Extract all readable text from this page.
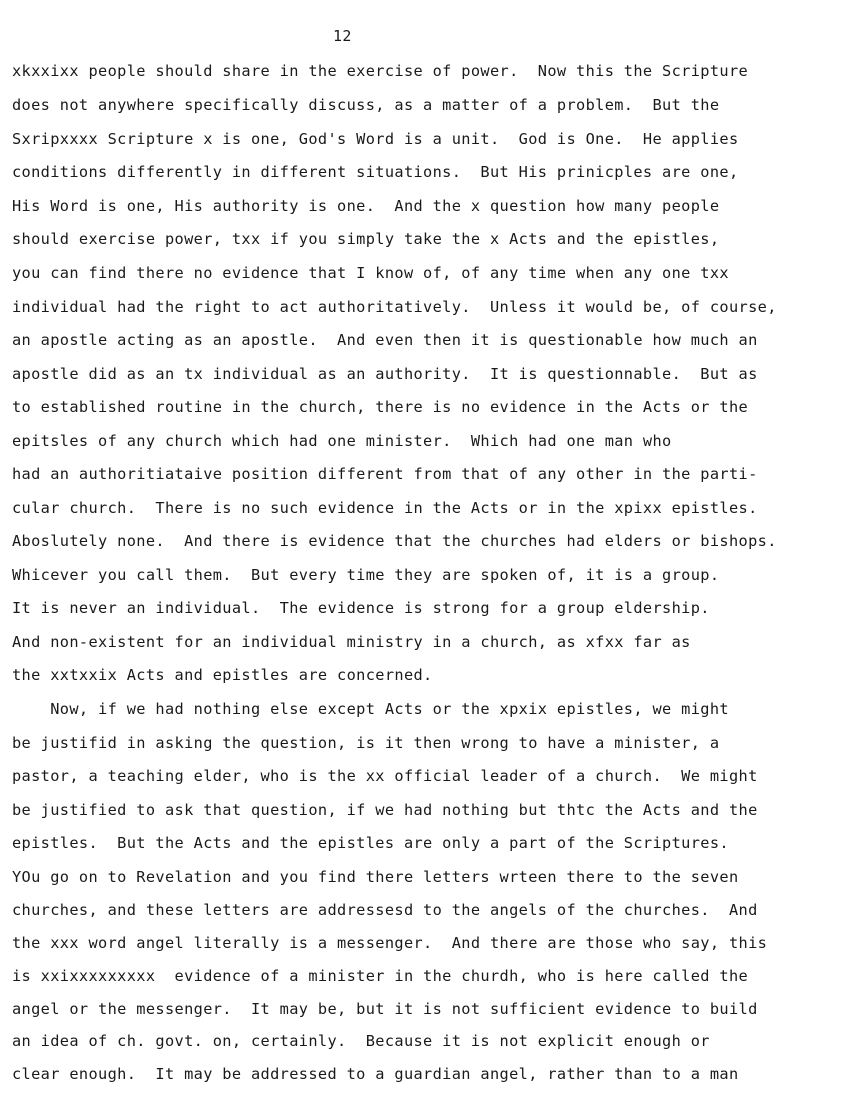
12
xkxxixx people should share in the exercise of power.  Now this the Scripture
does not anywhere specifically discuss, as a matter of a problem.  But the
Sxripxxxx Scripture x is one, God's Word is a unit.  God is One.  He applies
conditions differently in different situations.  But His prinicples are one,
His Word is one, His authority is one.  And the x question how many people
should exercise power, txx if you simply take the x Acts and the epistles,
you can find there no evidence that I know of, of any time when any one txx
individual had the right to act authoritatively.  Unless it would be, of course,
an apostle acting as an apostle.  And even then it is questionable how much an
apostle did as an tx individual as an authority.  It is questionnable.  But as
to established routine in the church, there is no evidence in the Acts or the
epitsles of any church which had one minister.  Which had one man who
had an authoritiataive position different from that of any other in the parti-
cular church.  There is no such evidence in the Acts or in the xpixx epistles.
Aboslutely none.  And there is evidence that the churches had elders or bishops.
Whicever you call them.  But every time they are spoken of, it is a group.
It is never an individual.  The evidence is strong for a group eldership.
And non-existent for an individual ministry in a church, as xfxx far as
the xxtxxix Acts and epistles are concerned.
Now, if we had nothing else except Acts or the xpxix epistles, we might
be justifid in asking the question, is it then wrong to have a minister, a
pastor, a teaching elder, who is the xx official leader of a church.  We might
be justified to ask that question, if we had nothing but thtc the Acts and the
epistles.  But the Acts and the epistles are only a part of the Scriptures.
YOu go on to Revelation and you find there letters wrteen there to the seven
churches, and these letters are addressesd to the angels of the churches.  And
the xxx word angel literally is a messenger.  And there are those who say, this
is xxixxxxxxxxx  evidence of a minister in the churdh, who is here called the
angel or the messenger.  It may be, but it is not sufficient evidence to build
an idea of ch. govt. on, certainly.  Because it is not explicit enough or
clear enough.  It may be addressed to a guardian angel, rather than to a man
